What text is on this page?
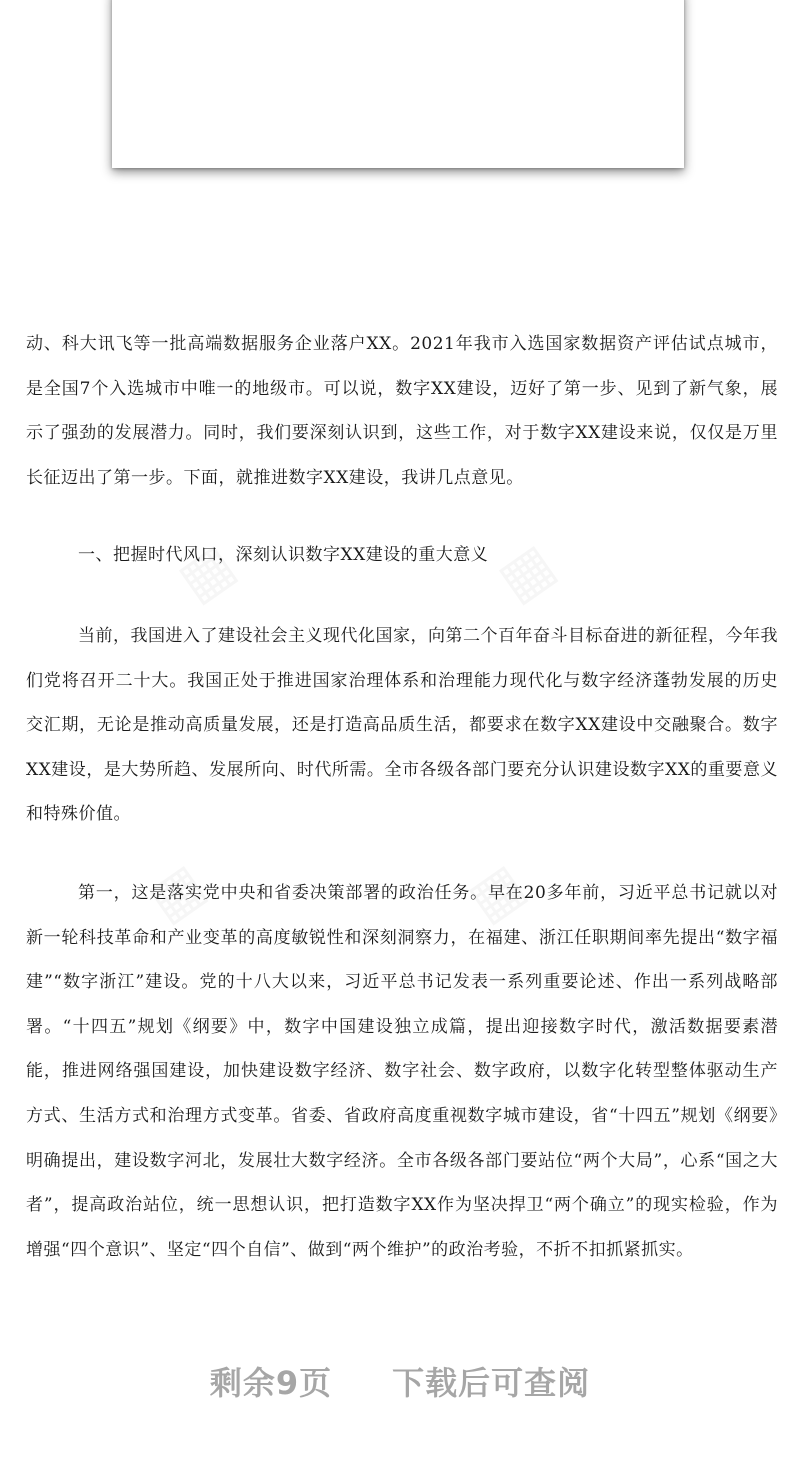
动、科大讯飞等一批高端数据服务企业落户XX。2021年我市入选国家数据资产评估试点城市，是全国7个入选城市中唯一的地级市。可以说，数字XX建设，迈好了第一步、见到了新气象，展示了强劲的发展潜力。同时，我们要深刻认识到，这些工作，对于数字XX建设来说，仅仅是万里长征迈出了第一步。下面，就推进数字XX建设，我讲几点意见。

一、把握时代风口，深刻认识数字XX建设的重大意义

当前，我国进入了建设社会主义现代化国家，向第二个百年奋斗目标奋进的新征程，今年我们党将召开二十大。我国正处于推进国家治理体系和治理能力现代化与数字经济蓬勃发展的历史交汇期，无论是推动高质量发展，还是打造高品质生活，都要求在数字XX建设中交融聚合。数字XX建设，是大势所趋、发展所向、时代所需。全市各级各部门要充分认识建设数字XX的重要意义和特殊价值。

第一，这是落实党中央和省委决策部署的政治任务。早在20多年前，习近平总书记就以对新一轮科技革命和产业变革的高度敏锐性和深刻洞察力，在福建、浙江任职期间率先提出“数字福建”“数字浙江”建设。党的十八大以来，习近平总书记发表一系列重要论述、作出一系列战略部署。“十四五”规划《纲要》中，数字中国建设独立成篇，提出迎接数字时代，激活数据要素潜能，推进网络强国建设，加快建设数字经济、数字社会、数字政府，以数字化转型整体驱动生产方式、生活方式和治理方式变革。省委、省政府高度重视数字城市建设，省“十四五”规划《纲要》明确提出，建设数字河北，发展壮大数字经济。全市各级各部门要站位“两个大局”，心系“国之大者”，提高政治站位，统一思想认识，把打造数字XX作为坚决捍卫“两个确立”的现实检验，作为增强“四个意识”、坚定“四个自信”、做到“两个维护”的政治考验，不折不扣抓紧抓实。

剩余9页 下载后可查阅
